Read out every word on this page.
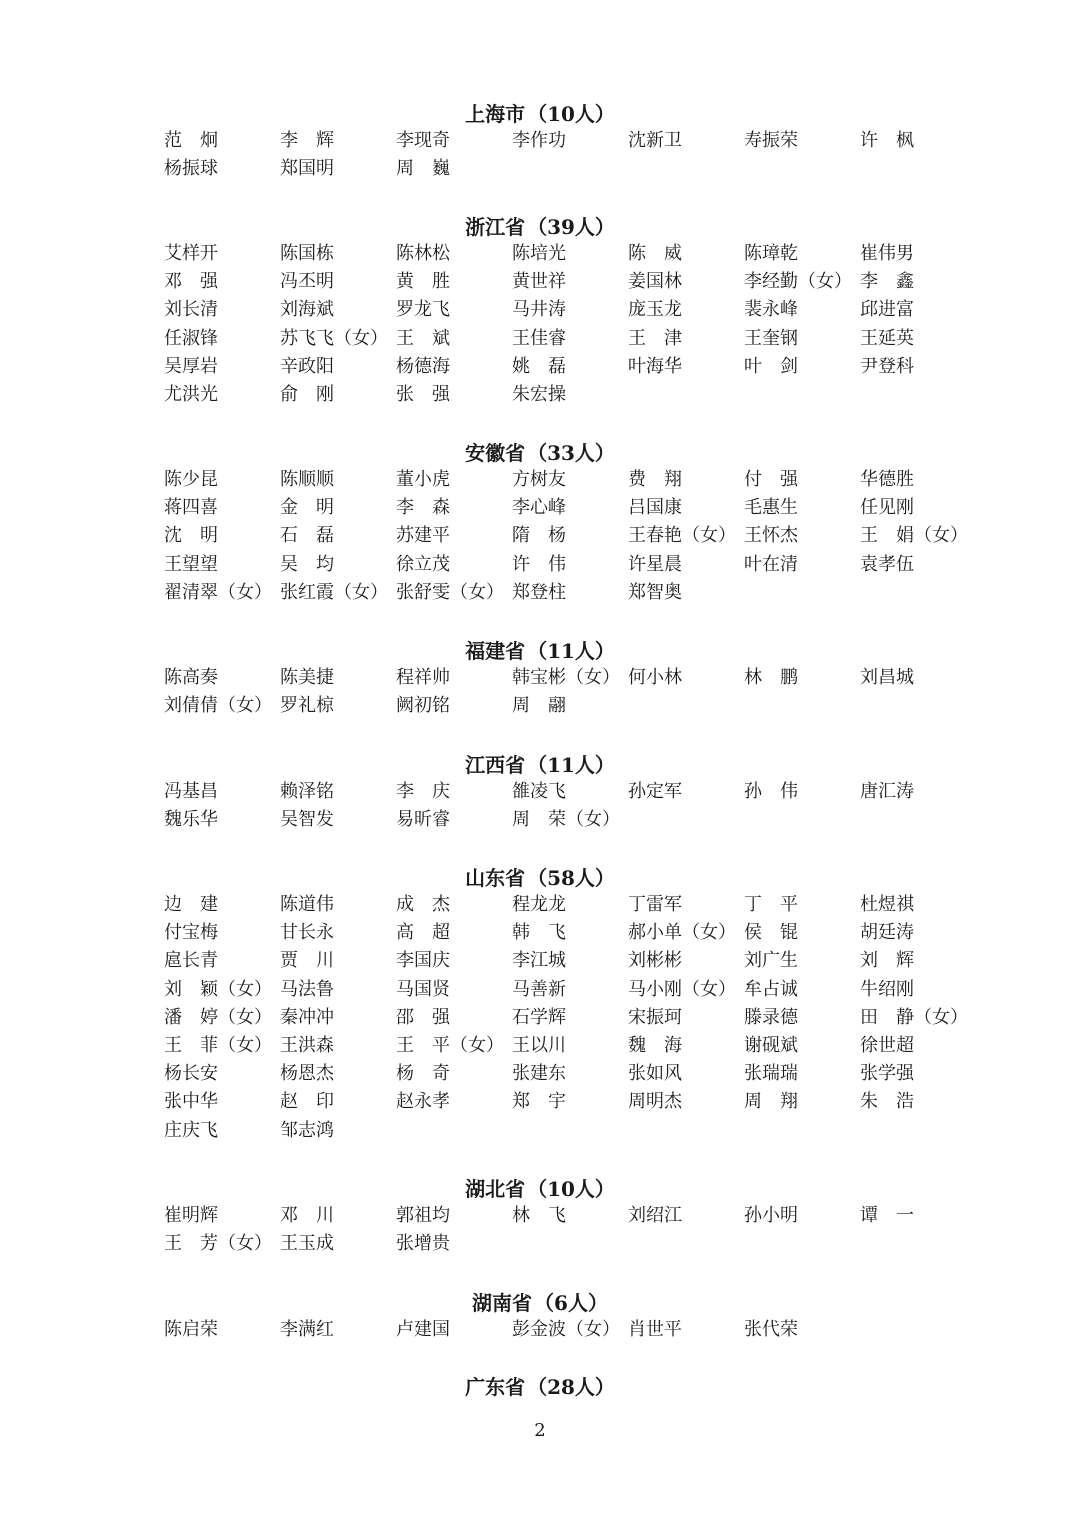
上海市 （10人）
范　炯	李　辉	李现奇	李作功	沈新卫	寿振荣	许　枫
杨振球	郑国明	周　巍
浙江省 （39人）
艾样开	陈国栋	陈林松	陈培光	陈　威	陈璋乾	崔伟男
邓　强	冯丕明	黄　胜	黄世祥	姜国林	李经勤（女） 李　鑫
刘长清	刘海斌	罗龙飞	马井涛	庞玉龙	裴永峰	邱进富
任淑锋	苏飞飞（女） 王　斌	王佳睿	王　津	王奎钢	王延英
吴厚岩	辛政阳	杨德海	姚　磊	叶海华	叶　剑	尹登科
尤洪光	俞　刚	张　强	朱宏操
安徽省 （33人）
陈少昆	陈顺顺	董小虎	方树友	费　翔	付　强	华德胜
蒋四喜	金　明	李　森	李心峰	吕国康	毛惠生	任见刚
沈　明	石　磊	苏建平	隋　杨	王春艳（女） 王怀杰	王　娟（女）
王望望	吴　均	徐立茂	许　伟	许星晨	叶在清	袁孝伍
翟清翠（女） 张红霞（女） 张舒雯（女） 郑登柱	郑智奥
福建省 （11人）
陈高奏	陈美捷	程祥帅	韩宝彬（女） 何小林	林　鹏	刘昌城
刘倩倩（女） 罗礼椋	阙初铭	周　翮
江西省 （11人）
冯基昌	赖泽铭	李　庆	雒凌飞	孙定军	孙　伟	唐汇涛
魏乐华	吴智发	易昕睿	周　荣（女）
山东省 （58人）
边　建	陈道伟	成　杰	程龙龙	丁雷军	丁　平	杜煜祺
付宝梅	甘长永	高　超	韩　飞	郝小单（女） 侯　锟	胡廷涛
扈长青	贾　川	李国庆	李江城	刘彬彬	刘广生	刘　辉
刘　颖（女） 马法鲁	马国贤	马善新	马小刚（女） 牟占诚	牛绍刚
潘　婷（女） 秦冲冲	邵　强	石学辉	宋振珂	滕录德	田　静（女）
王　菲（女） 王洪森	王　平（女） 王以川	魏　海	谢砚斌	徐世超
杨长安	杨恩杰	杨　奇	张建东	张如风	张瑞瑞	张学强
张中华	赵　印	赵永孝	郑　宇	周明杰	周　翔	朱　浩
庄庆飞	邹志鸿
湖北省 （10人）
崔明辉	邓　川	郭祖均	林　飞	刘绍江	孙小明	谭　一
王　芳（女） 王玉成	张增贵
湖南省 （6人）
陈启荣	李满红	卢建国	彭金波（女） 肖世平	张代荣
广东省 （28人）
2
